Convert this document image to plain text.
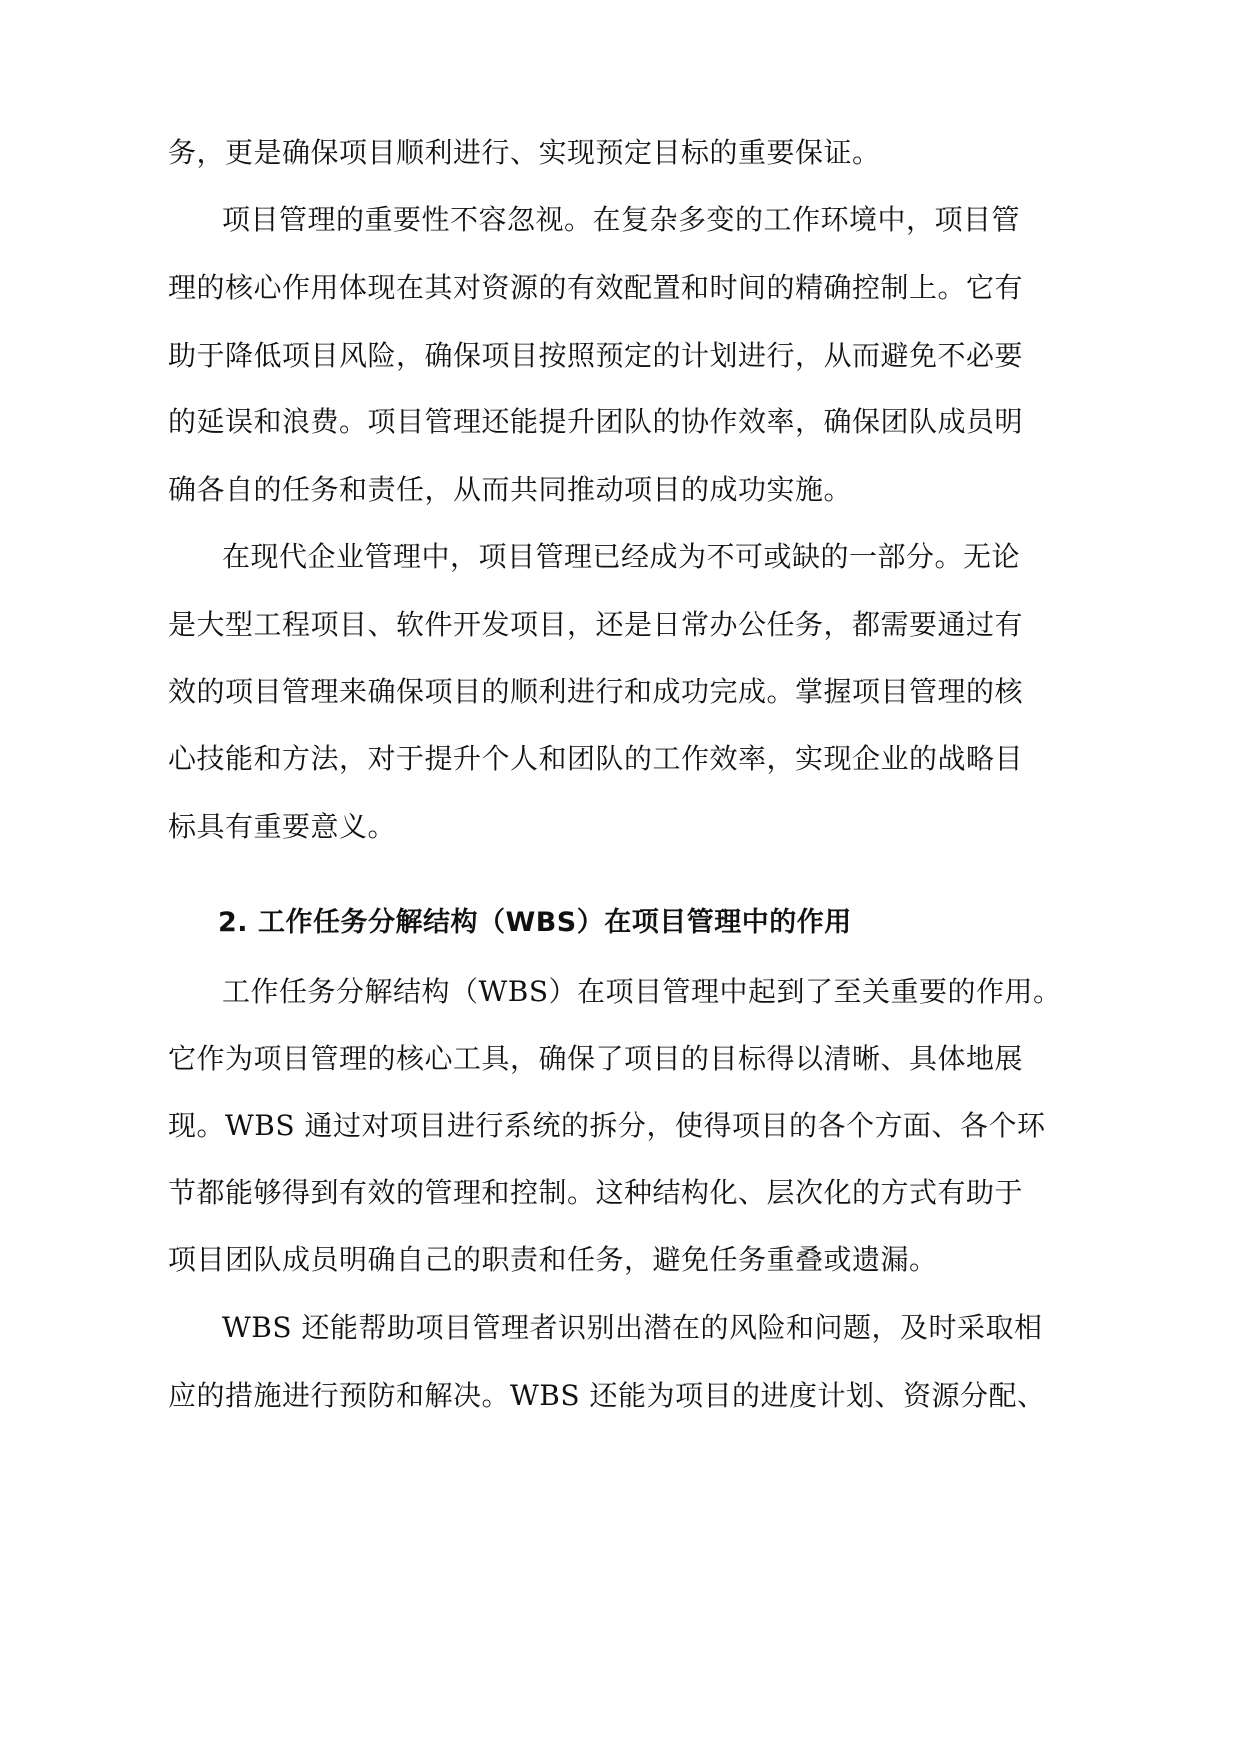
务，更是确保项目顺利进行、实现预定目标的重要保证。
项目管理的重要性不容忽视。在复杂多变的工作环境中，项目管
理的核心作用体现在其对资源的有效配置和时间的精确控制上。它有
助于降低项目风险，确保项目按照预定的计划进行，从而避免不必要
的延误和浪费。项目管理还能提升团队的协作效率，确保团队成员明
确各自的任务和责任，从而共同推动项目的成功实施。
在现代企业管理中，项目管理已经成为不可或缺的一部分。无论
是大型工程项目、软件开发项目，还是日常办公任务，都需要通过有
效的项目管理来确保项目的顺利进行和成功完成。掌握项目管理的核
心技能和方法，对于提升个人和团队的工作效率，实现企业的战略目
标具有重要意义。
2. 工作任务分解结构（WBS）在项目管理中的作用
工作任务分解结构（WBS）在项目管理中起到了至关重要的作用。
它作为项目管理的核心工具，确保了项目的目标得以清晰、具体地展
现。WBS 通过对项目进行系统的拆分，使得项目的各个方面、各个环
节都能够得到有效的管理和控制。这种结构化、层次化的方式有助于
项目团队成员明确自己的职责和任务，避免任务重叠或遗漏。
WBS 还能帮助项目管理者识别出潜在的风险和问题，及时采取相
应的措施进行预防和解决。WBS 还能为项目的进度计划、资源分配、
